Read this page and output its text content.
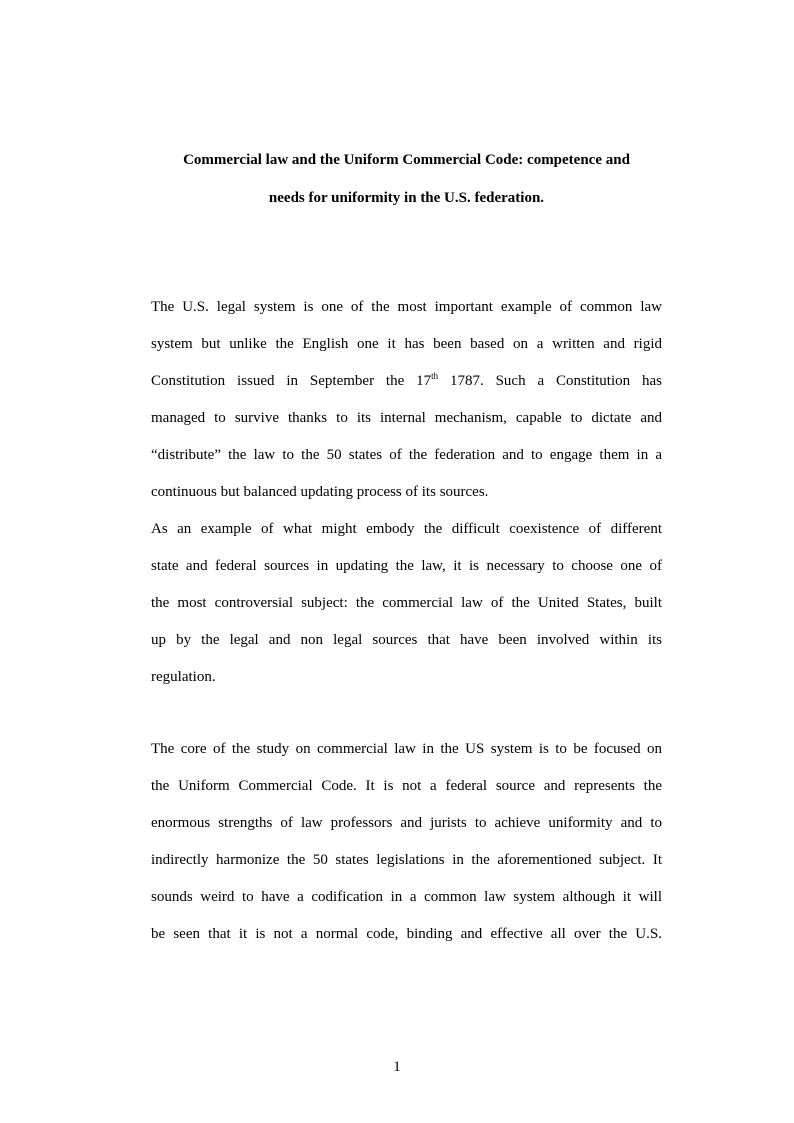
Commercial law and the Uniform Commercial Code: competence and
needs for uniformity in the U.S. federation.
The U.S. legal system is one of the most important example of common law
system but unlike the English one it has been based on a written and rigid
Constitution issued in September the 17th 1787. Such a Constitution has
managed to survive thanks to its internal mechanism, capable to dictate and
“distribute” the law to the 50 states of the federation and to engage them in a
continuous but balanced updating process of its sources.
As an example of what might embody the difficult coexistence of different
state and federal sources in updating the law, it is necessary to choose one of
the most controversial subject: the commercial law of the United States, built
up by the legal and non legal sources that have been involved within its
regulation.
The core of the study on commercial law in the US system is to be focused on
the Uniform Commercial Code. It is not a federal source and represents the
enormous strengths of law professors and jurists to achieve uniformity and to
indirectly harmonize the 50 states legislations in the aforementioned subject. It
sounds weird to have a codification in a common law system although it will
be seen that it is not a normal code, binding and effective all over the U.S.
1
